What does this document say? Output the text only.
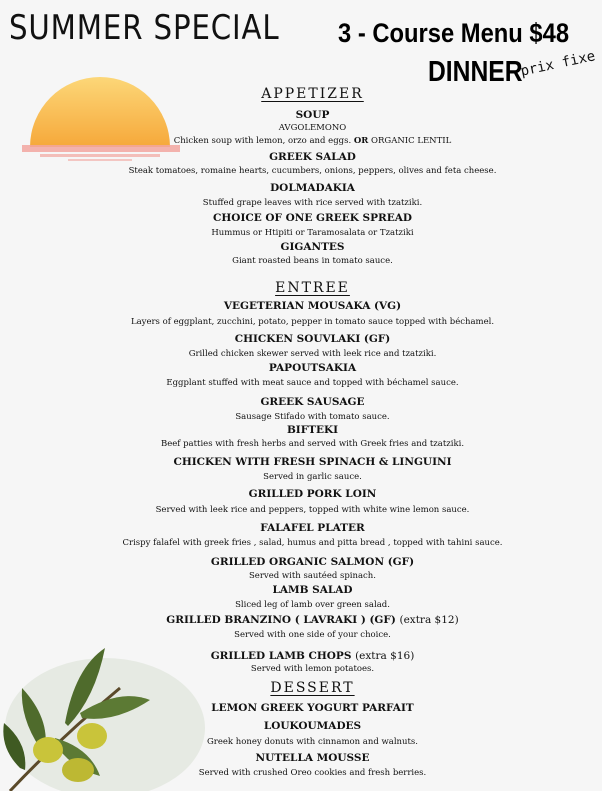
SUMMER SPECIAL 3 - Course Menu $48
DINNER
prix fixe
APPETIZER
SOUP
AVGOLEMONO
Chicken soup with lemon, orzo and eggs. OR ORGANIC LENTIL
GREEK SALAD
Steak tomatoes, romaine hearts, cucumbers, onions, peppers, olives and feta cheese.
DOLMADAKIA
Stuffed grape leaves with rice served with tzatziki.
CHOICE OF ONE GREEK SPREAD
Hummus or Htipiti or Taramosalata or Tzatziki
GIGANTES
Giant roasted beans in tomato sauce.
ENTREE
VEGETERIAN MOUSAKA (VG)
Layers of eggplant, zucchini, potato, pepper in tomato sauce topped with béchamel.
CHICKEN SOUVLAKI (GF)
Grilled chicken skewer served with leek rice and tzatziki.
PAPOUTSAKIA
Eggplant stuffed with meat sauce and topped with béchamel sauce.
GREEK SAUSAGE
Sausage Stifado with tomato sauce.
BIFTEKI
Beef patties with fresh herbs and served with Greek fries and tzatziki.
CHICKEN WITH FRESH SPINACH & LINGUINI
Served in garlic sauce.
GRILLED PORK LOIN
Served with leek rice and peppers, topped with white wine lemon sauce.
FALAFEL PLATER
Crispy falafel with greek fries , salad, humus and pitta bread , topped with tahini sauce.
GRILLED ORGANIC SALMON (GF)
Served with sautéed spinach.
LAMB SALAD
Sliced leg of lamb over green salad.
GRILLED BRANZINO ( LAVRAKI ) (GF) (extra $12)
Served with one side of your choice.
GRILLED LAMB CHOPS (extra $16)
Served with lemon potatoes.
DESSERT
LEMON GREEK YOGURT PARFAIT
LOUKOUMADES
Greek honey donuts with cinnamon and walnuts.
NUTELLA MOUSSE
Served with crushed Oreo cookies and fresh berries.
